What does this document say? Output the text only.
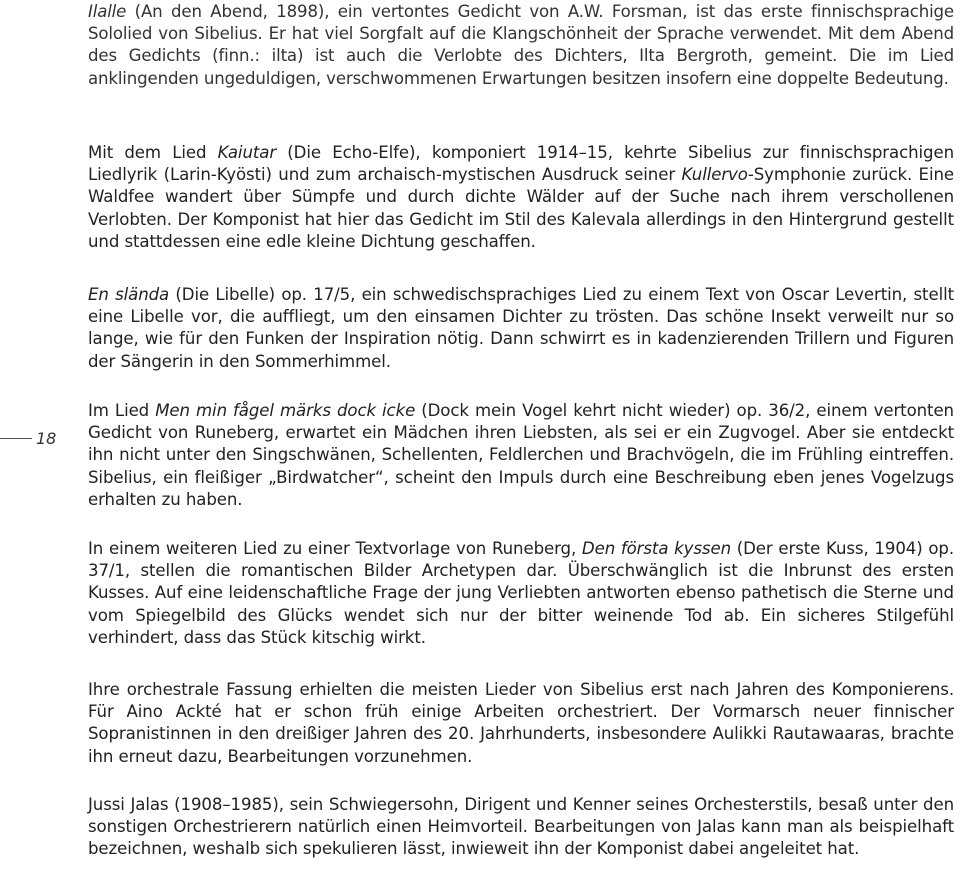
18

Ilalle (An den Abend, 1898), ein vertontes Gedicht von A.W. Forsman, ist das erste finnischsprachige Sololied von Sibelius. Er hat viel Sorgfalt auf die Klangschönheit der Sprache verwendet. Mit dem Abend des Gedichts (finn.: ilta) ist auch die Verlobte des Dichters, Ilta Bergroth, gemeint. Die im Lied anklingenden ungeduldigen, verschwommenen Erwartungen besitzen insofern eine doppelte Bedeutung.

Mit dem Lied Kaiutar (Die Echo-Elfe), komponiert 1914–15, kehrte Sibelius zur finnischsprachigen Liedlyrik (Larin-Kyösti) und zum archaisch-mystischen Ausdruck seiner Kullervo-Symphonie zurück. Eine Waldfee wandert über Sümpfe und durch dichte Wälder auf der Suche nach ihrem verschollenen Verlobten. Der Komponist hat hier das Gedicht im Stil des Kalevala allerdings in den Hintergrund gestellt und stattdessen eine edle kleine Dichtung geschaffen.

En slända (Die Libelle) op. 17/5, ein schwedischsprachiges Lied zu einem Text von Oscar Levertin, stellt eine Libelle vor, die auffliegt, um den einsamen Dichter zu trösten. Das schöne Insekt verweilt nur so lange, wie für den Funken der Inspiration nötig. Dann schwirrt es in kadenzierenden Trillern und Figuren der Sängerin in den Sommerhimmel.

Im Lied Men min fågel märks dock icke (Dock mein Vogel kehrt nicht wieder) op. 36/2, einem vertonten Gedicht von Runeberg, erwartet ein Mädchen ihren Liebsten, als sei er ein Zugvogel. Aber sie entdeckt ihn nicht unter den Singschwänen, Schellenten, Feldlerchen und Brachvögeln, die im Frühling eintreffen. Sibelius, ein fleißiger „Birdwatcher“, scheint den Impuls durch eine Beschreibung eben jenes Vogelzugs erhalten zu haben.

In einem weiteren Lied zu einer Textvorlage von Runeberg, Den första kyssen (Der erste Kuss, 1904) op. 37/1, stellen die romantischen Bilder Archetypen dar. Überschwänglich ist die Inbrunst des ersten Kusses. Auf eine leidenschaftliche Frage der jung Verliebten antworten ebenso pathetisch die Sterne und vom Spiegelbild des Glücks wendet sich nur der bitter weinende Tod ab. Ein sicheres Stilgefühl verhindert, dass das Stück kitschig wirkt.

Ihre orchestrale Fassung erhielten die meisten Lieder von Sibelius erst nach Jahren des Komponierens. Für Aino Ackté hat er schon früh einige Arbeiten orchestriert. Der Vormarsch neuer finnischer Sopranistinnen in den dreißiger Jahren des 20. Jahrhunderts, insbesondere Aulikki Rautawaaras, brachte ihn erneut dazu, Bearbeitungen vorzunehmen.

Jussi Jalas (1908–1985), sein Schwiegersohn, Dirigent und Kenner seines Orchesterstils, besaß unter den sonstigen Orchestrierern natürlich einen Heimvorteil. Bearbeitungen von Jalas kann man als beispielhaft bezeichnen, weshalb sich spekulieren lässt, inwieweit ihn der Komponist dabei angeleitet hat.
